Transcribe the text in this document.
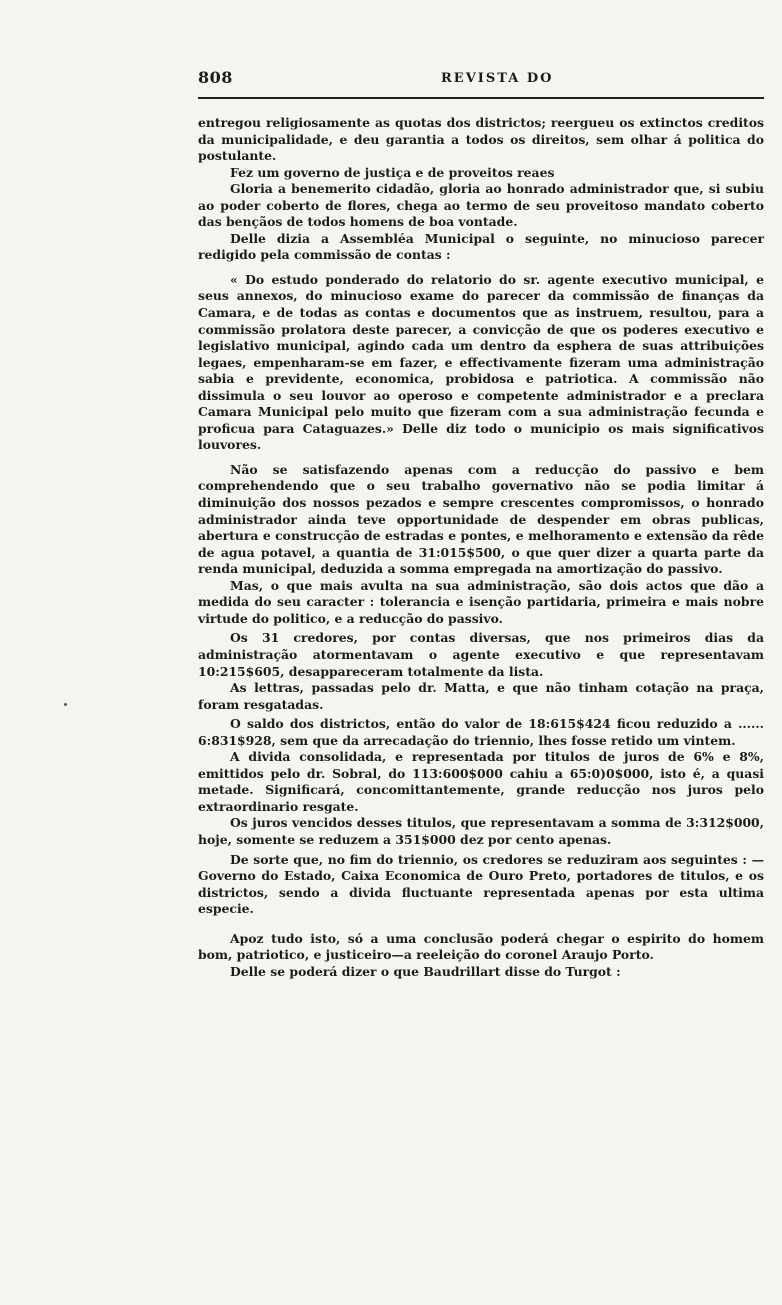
808	REVISTA DO

entregou religiosamente as quotas dos districtos; reergueu os extinctos creditos da municipalidade, e deu garantia a todos os direitos, sem olhar á politica do postulante.

Fez um governo de justiça e de proveitos reaes

Gloria a benemerito cidadão, gloria ao honrado administrador que, si subiu ao poder coberto de flores, chega ao termo de seu proveitoso mandato coberto das bençãos de todos homens de boa vontade.

Delle dizia a Assembléa Municipal o seguinte, no minucioso parecer redigido pela commissão de contas :

« Do estudo ponderado do relatorio do sr. agente executivo municipal, e seus annexos, do minucioso exame do parecer da commissão de finanças da Camara, e de todas as contas e documentos que as instruem, resultou, para a commissão prolatora deste parecer, a convicção de que os poderes executivo e legislativo municipal, agindo cada um dentro da esphera de suas attribuições legaes, empenharam-se em fazer, e effectivamente fizeram uma administração sabia e previdente, economica, probidosa e patriotica. A commissão não dissimula o seu louvor ao operoso e competente administrador e a preclara Camara Municipal pelo muito que fizeram com a sua administração fecunda e proficua para Cataguazes.» Delle diz todo o municipio os mais significativos louvores.

Não se satisfazendo apenas com a reducção do passivo e bem comprehendendo que o seu trabalho governativo não se podia limitar á diminuição dos nossos pezados e sempre crescentes compromissos, o honrado administrador ainda teve opportunidade de despender em obras publicas, abertura e construcção de estradas e pontes, e melhoramento e extensão da rêde de agua potavel, a quantia de 31:015$500, o que quer dizer a quarta parte da renda municipal, deduzida a somma empregada na amortização do passivo.

Mas, o que mais avulta na sua administração, são dois actos que dão a medida do seu caracter : tolerancia e isenção partidaria, primeira e mais nobre virtude do politico, e a reducção do passivo.

Os 31 credores, por contas diversas, que nos primeiros dias da administração atormentavam o agente executivo e que representavam 10:215$605, desappareceram totalmente da lista.

As lettras, passadas pelo dr. Matta, e que não tinham cotação na praça, foram resgatadas.

O saldo dos districtos, então do valor de 18:615$424 ficou reduzido a ...... 6:831$928, sem que da arrecadação do triennio, lhes fosse retido um vintem.

A divida consolidada, e representada por titulos de juros de 6% e 8%, emittidos pelo dr. Sobral, do 113:600$000 cahiu a 65:0)0$000, isto é, a quasi metade. Significará, concomittantemente, grande reducção nos juros pelo extraordinario resgate.

Os juros vencidos desses titulos, que representavam a somma de 3:312$000, hoje, somente se reduzem a 351$000 dez por cento apenas.

De sorte que, no fim do triennio, os credores se reduziram aos seguintes : —Governo do Estado, Caixa Economica de Ouro Preto, portadores de titulos, e os districtos, sendo a divida fluctuante representada apenas por esta ultima especie.

Apoz tudo isto, só a uma conclusão poderá chegar o espirito do homem bom, patriotico, e justiceiro—a reeleição do coronel Araujo Porto.

Delle se poderá dizer o que Baudrillart disse do Turgot :
